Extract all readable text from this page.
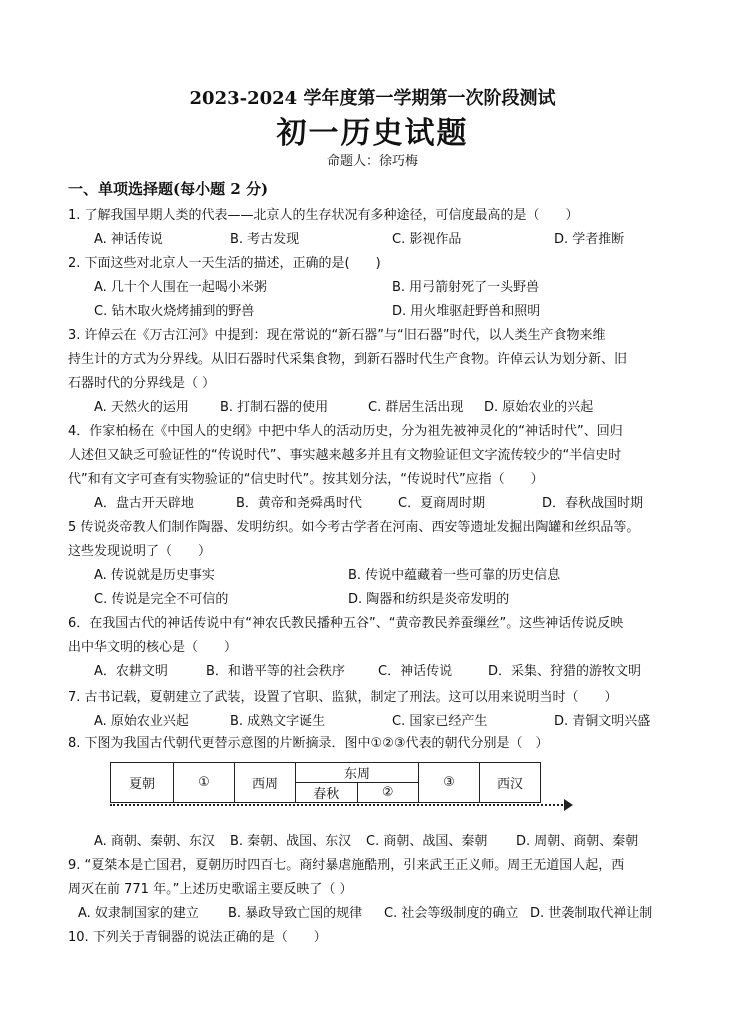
2023-2024 学年度第一学期第一次阶段测试
初一历史试题
命题人：徐巧梅
一、单项选择题(每小题 2 分)
1. 了解我国早期人类的代表——北京人的生存状况有多种途径，可信度最高的是（　　）
A. 神话传说	B. 考古发现	C. 影视作品	D. 学者推断
2. 下面这些对北京人一天生活的描述，正确的是(　　)
A. 几十个人围在一起喝小米粥	B. 用弓箭射死了一头野兽
C. 钻木取火烧烤捕到的野兽	D. 用火堆驱赶野兽和照明
3. 许倬云在《万古江河》中提到：现在常说的“新石器”与“旧石器”时代，以人类生产食物来维
持生计的方式为分界线。从旧石器时代采集食物，到新石器时代生产食物。许倬云认为划分新、旧
石器时代的分界线是（ ）
A. 天然火的运用 B. 打制石器的使用	C. 群居生活出现 D. 原始农业的兴起
4．作家柏杨在《中国人的史纲》中把中华人的活动历史，分为祖先被神灵化的“神话时代”、回归
人述但又缺乏可验证性的“传说时代”、事实越来越多并且有文物验证但文字流传较少的“半信史时
代”和有文字可查有实物验证的“信史时代”。按其划分法，“传说时代”应指（　　）
A．盘古开天辟地	B．黄帝和尧舜禹时代	C．夏商周时期	D．春秋战国时期
5 传说炎帝教人们制作陶器、发明纺织。如今考古学者在河南、西安等遗址发掘出陶罐和丝织品等。
这些发现说明了（　　）
A. 传说就是历史事实	B. 传说中蕴藏着一些可靠的历史信息
C. 传说是完全不可信的	D. 陶器和纺织是炎帝发明的
6．在我国古代的神话传说中有“神农氏教民播种五谷”、“黄帝教民养蚕缫丝”。这些神话传说反映
出中华文明的核心是（　　）
A．农耕文明	B．和谐平等的社会秩序	C．神话传说	D．采集、狩猎的游牧文明
7. 古书记载，夏朝建立了武装，设置了官职、监狱，制定了刑法。这可以用来说明当时（　　）
A. 原始农业兴起	B. 成熟文字诞生	C. 国家已经产生	D. 青铜文明兴盛
8. 下图为我国古代朝代更替示意图的片断摘录．图中①②③代表的朝代分别是（　）
夏朝	①	西周	东周		③	西汉
			春秋	②		
A. 商朝、秦朝、东汉 B. 秦朝、战国、东汉 C. 商朝、战国、秦朝 D. 周朝、商朝、秦朝
9. “夏桀本是亡国君，夏朝历时四百七。商纣暴虐施酷刑，引来武王正义师。周王无道国人起，西
周灭在前 771 年。”上述历史歌谣主要反映了（ ）
A. 奴隶制国家的建立 B. 暴政导致亡国的规律 C. 社会等级制度的确立 D. 世袭制取代禅让制
10. 下列关于青铜器的说法正确的是（　　）
